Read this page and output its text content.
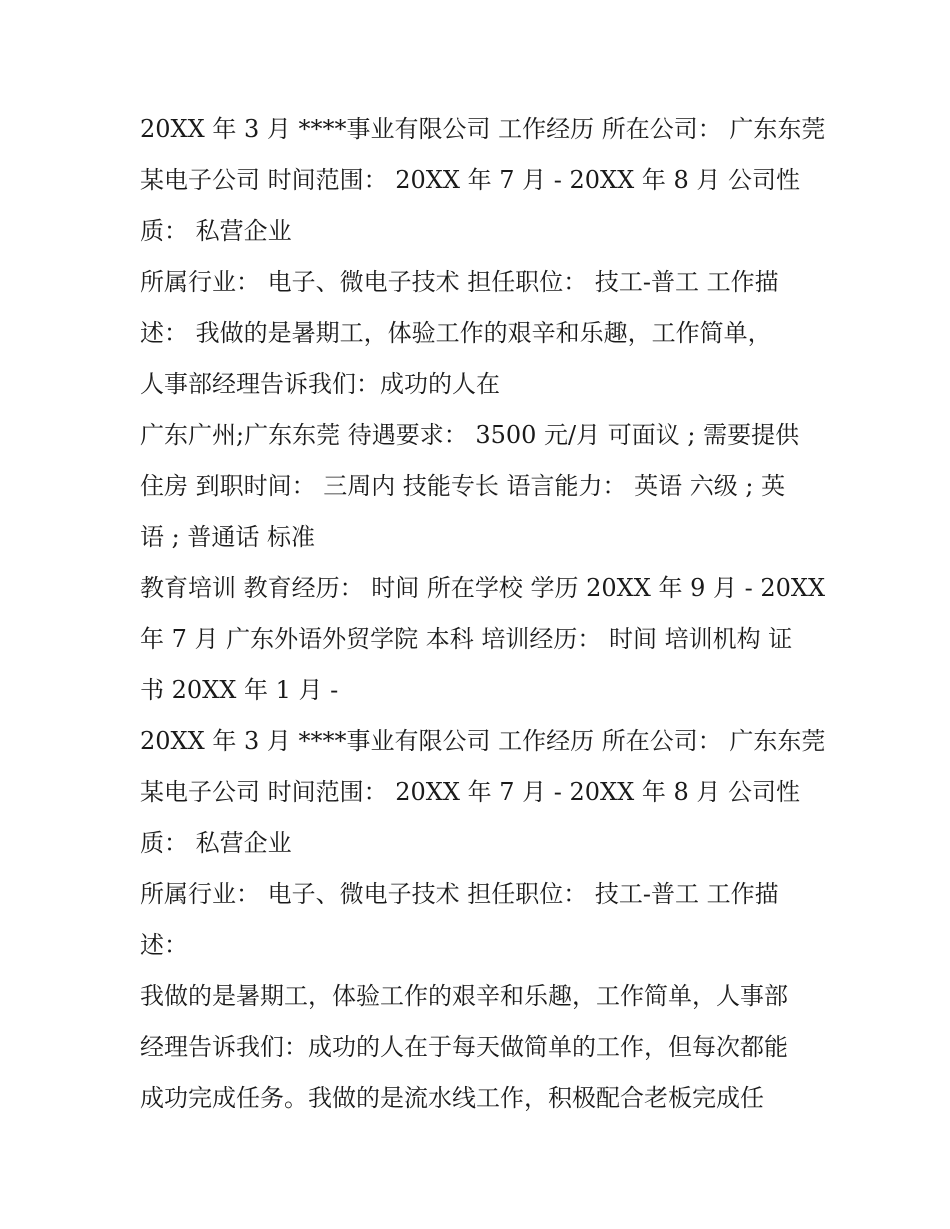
20XX 年 3 月 ****事业有限公司 工作经历 所在公司： 广东东莞
某电子公司 时间范围： 20XX 年 7 月 - 20XX 年 8 月 公司性
质： 私营企业
所属行业： 电子、微电子技术 担任职位： 技工-普工 工作描
述： 我做的是暑期工，体验工作的艰辛和乐趣，工作简单，
人事部经理告诉我们：成功的人在
广东广州;广东东莞 待遇要求： 3500 元/月 可面议 ; 需要提供
住房 到职时间： 三周内 技能专长 语言能力： 英语 六级 ; 英
语 ; 普通话 标准
教育培训 教育经历： 时间 所在学校 学历 20XX 年 9 月 - 20XX
年 7 月 广东外语外贸学院 本科 培训经历： 时间 培训机构 证
书 20XX 年 1 月 -
20XX 年 3 月 ****事业有限公司 工作经历 所在公司： 广东东莞
某电子公司 时间范围： 20XX 年 7 月 - 20XX 年 8 月 公司性
质： 私营企业
所属行业： 电子、微电子技术 担任职位： 技工-普工 工作描
述：
我做的是暑期工，体验工作的艰辛和乐趣，工作简单，人事部
经理告诉我们：成功的人在于每天做简单的工作，但每次都能
成功完成任务。我做的是流水线工作，积极配合老板完成任
